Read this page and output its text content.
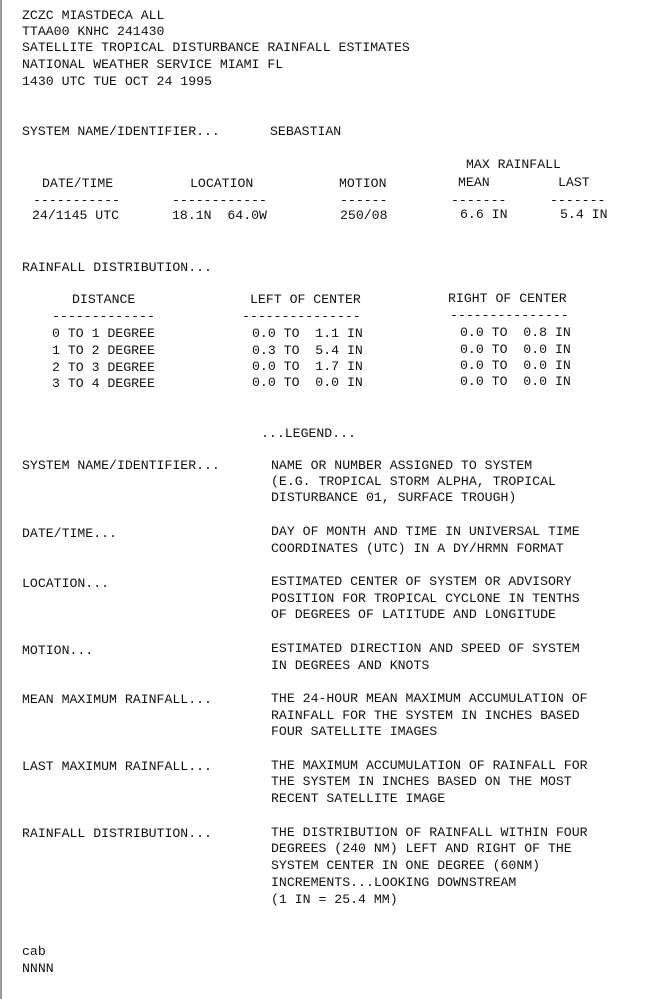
ZCZC MIASTDECA ALL
TTAA00 KNHC 241430
SATELLITE TROPICAL DISTURBANCE RAINFALL ESTIMATES
NATIONAL WEATHER SERVICE MIAMI FL
1430 UTC TUE OCT 24 1995
SYSTEM NAME/IDENTIFIER...	SEBASTIAN
MAX RAINFALL
DATE/TIME	LOCATION	MOTION	MEAN	LAST
-----------	------------	------	-------	-------
24/1145 UTC	18.1N  64.0W	250/08	6.6 IN	5.4 IN
RAINFALL DISTRIBUTION...
DISTANCE	LEFT OF CENTER	RIGHT OF CENTER
-------------	---------------	---------------
0 TO 1 DEGREE	0.0 TO  1.1 IN	0.0 TO  0.8 IN
1 TO 2 DEGREE	0.3 TO  5.4 IN	0.0 TO  0.0 IN
2 TO 3 DEGREE	0.0 TO  1.7 IN	0.0 TO  0.0 IN
3 TO 4 DEGREE	0.0 TO  0.0 IN	0.0 TO  0.0 IN
...LEGEND...
SYSTEM NAME/IDENTIFIER...	NAME OR NUMBER ASSIGNED TO SYSTEM
(E.G. TROPICAL STORM ALPHA, TROPICAL
DISTURBANCE 01, SURFACE TROUGH)
DATE/TIME...	DAY OF MONTH AND TIME IN UNIVERSAL TIME
COORDINATES (UTC) IN A DY/HRMN FORMAT
LOCATION...	ESTIMATED CENTER OF SYSTEM OR ADVISORY
POSITION FOR TROPICAL CYCLONE IN TENTHS
OF DEGREES OF LATITUDE AND LONGITUDE
MOTION...	ESTIMATED DIRECTION AND SPEED OF SYSTEM
IN DEGREES AND KNOTS
MEAN MAXIMUM RAINFALL...	THE 24-HOUR MEAN MAXIMUM ACCUMULATION OF
RAINFALL FOR THE SYSTEM IN INCHES BASED
FOUR SATELLITE IMAGES
LAST MAXIMUM RAINFALL...	THE MAXIMUM ACCUMULATION OF RAINFALL FOR
THE SYSTEM IN INCHES BASED ON THE MOST
RECENT SATELLITE IMAGE
RAINFALL DISTRIBUTION...	THE DISTRIBUTION OF RAINFALL WITHIN FOUR
DEGREES (240 NM) LEFT AND RIGHT OF THE
SYSTEM CENTER IN ONE DEGREE (60NM)
INCREMENTS...LOOKING DOWNSTREAM
(1 IN = 25.4 MM)
cab
NNNN
